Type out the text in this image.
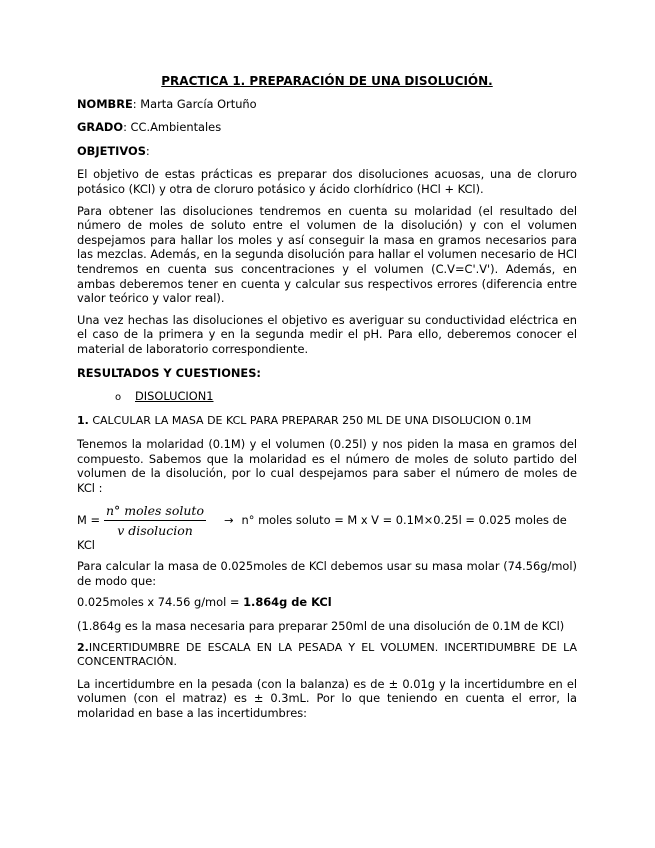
PRACTICA 1. PREPARACIÓN DE UNA DISOLUCIÓN.

NOMBRE: Marta García Ortuño

GRADO: CC.Ambientales

OBJETIVOS:

El objetivo de estas prácticas es preparar dos disoluciones acuosas, una de cloruro potásico (KCl) y otra de cloruro potásico y ácido clorhídrico (HCl + KCl).

Para obtener las disoluciones tendremos en cuenta su molaridad (el resultado del número de moles de soluto entre el volumen de la disolución) y con el volumen despejamos para hallar los moles y así conseguir la masa en gramos necesarios para las mezclas. Además, en la segunda disolución para hallar el volumen necesario de HCl tendremos en cuenta sus concentraciones y el volumen (C.V=C'.V'). Además, en ambas deberemos tener en cuenta y calcular sus respectivos errores (diferencia entre valor teórico y valor real).

Una vez hechas las disoluciones el objetivo es averiguar su conductividad eléctrica en el caso de la primera y en la segunda medir el pH. Para ello, deberemos conocer el material de laboratorio correspondiente.

RESULTADOS Y CUESTIONES:

o DISOLUCION1

1. CALCULAR LA MASA DE KCL PARA PREPARAR 250 ML DE UNA DISOLUCION 0.1M

Tenemos la molaridad (0.1M) y el volumen (0.25l) y nos piden la masa en gramos del compuesto. Sabemos que la molaridad es el número de moles de soluto partido del volumen de la disolución, por lo cual despejamos para saber el número de moles de KCl :

$M = \frac{\text{n° moles soluto}}{\text{v disolucion}} \to n^\circ$ moles soluto = M x V = 0.1M×0.25l = 0.025 moles de

KCl

Para calcular la masa de 0.025moles de KCl debemos usar su masa molar (74.56g/mol) de modo que:

0.025moles x 74.56 g/mol = 1.864g de KCl

(1.864g es la masa necesaria para preparar 250ml de una disolución de 0.1M de KCl)

2.INCERTIDUMBRE DE ESCALA EN LA PESADA Y EL VOLUMEN. INCERTIDUMBRE DE LA CONCENTRACIÓN.

La incertidumbre en la pesada (con la balanza) es de ± 0.01g y la incertidumbre en el volumen (con el matraz) es ± 0.3mL. Por lo que teniendo en cuenta el error, la molaridad en base a las incertidumbres:
